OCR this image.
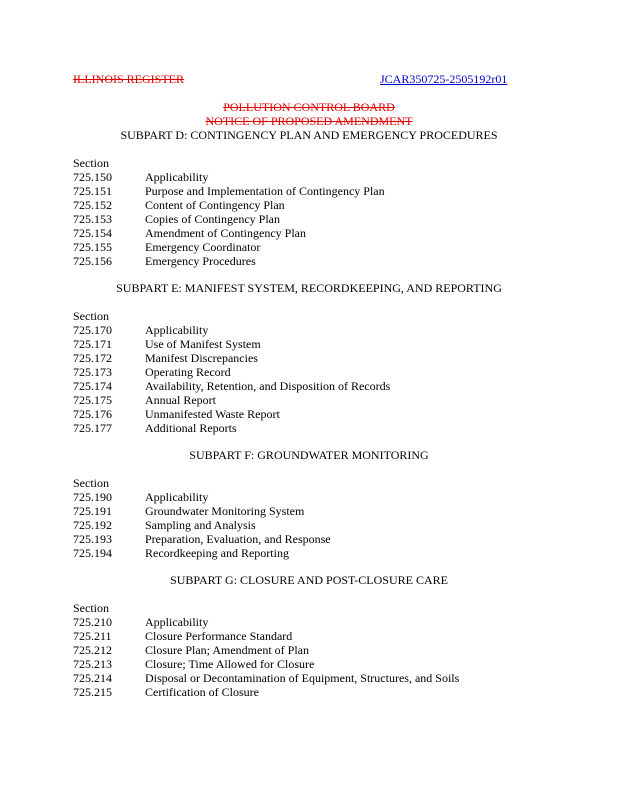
ILLINOIS REGISTER	JCAR350725-2505192r01
POLLUTION CONTROL BOARD
NOTICE OF PROPOSED AMENDMENT
SUBPART D: CONTINGENCY PLAN AND EMERGENCY PROCEDURES
Section
725.150	Applicability
725.151	Purpose and Implementation of Contingency Plan
725.152	Content of Contingency Plan
725.153	Copies of Contingency Plan
725.154	Amendment of Contingency Plan
725.155	Emergency Coordinator
725.156	Emergency Procedures
SUBPART E: MANIFEST SYSTEM, RECORDKEEPING, AND REPORTING
Section
725.170	Applicability
725.171	Use of Manifest System
725.172	Manifest Discrepancies
725.173	Operating Record
725.174	Availability, Retention, and Disposition of Records
725.175	Annual Report
725.176	Unmanifested Waste Report
725.177	Additional Reports
SUBPART F: GROUNDWATER MONITORING
Section
725.190	Applicability
725.191	Groundwater Monitoring System
725.192	Sampling and Analysis
725.193	Preparation, Evaluation, and Response
725.194	Recordkeeping and Reporting
SUBPART G: CLOSURE AND POST-CLOSURE CARE
Section
725.210	Applicability
725.211	Closure Performance Standard
725.212	Closure Plan; Amendment of Plan
725.213	Closure; Time Allowed for Closure
725.214	Disposal or Decontamination of Equipment, Structures, and Soils
725.215	Certification of Closure
